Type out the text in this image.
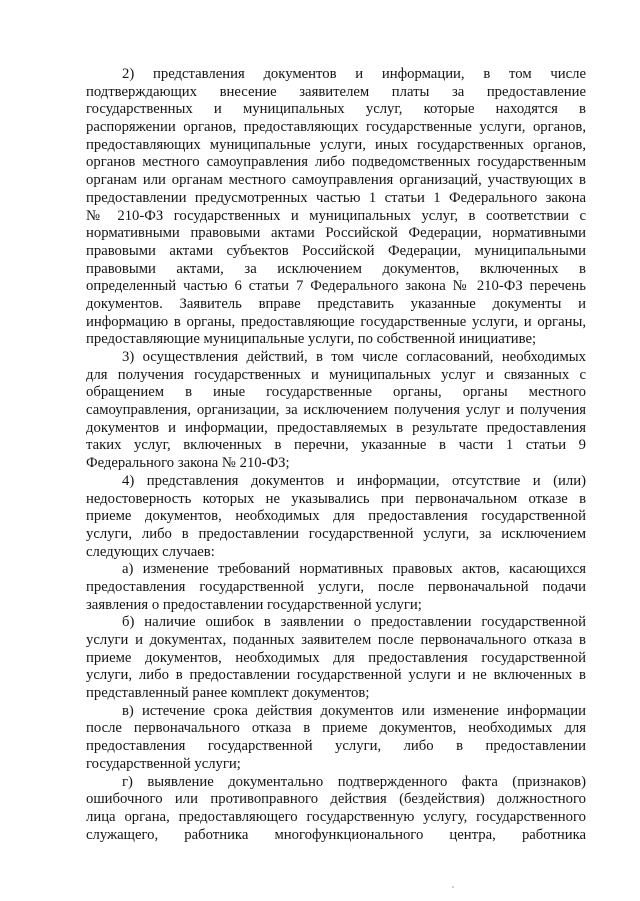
2) представления документов и информации, в том числе
подтверждающих внесение заявителем платы за предоставление
государственных и муниципальных услуг, которые находятся в
распоряжении органов, предоставляющих государственные услуги, органов,
предоставляющих муниципальные услуги, иных государственных органов,
органов местного самоуправления либо подведомственных государственным
органам или органам местного самоуправления организаций, участвующих в
предоставлении предусмотренных частью 1 статьи 1 Федерального закона
№ 210-ФЗ государственных и муниципальных услуг, в соответствии с
нормативными правовыми актами Российской Федерации, нормативными
правовыми актами субъектов Российской Федерации, муниципальными
правовыми актами, за исключением документов, включенных в
определенный частью 6 статьи 7 Федерального закона № 210-ФЗ перечень
документов. Заявитель вправе представить указанные документы и
информацию в органы, предоставляющие государственные услуги, и органы,
предоставляющие муниципальные услуги, по собственной инициативе;

3) осуществления действий, в том числе согласований, необходимых
для получения государственных и муниципальных услуг и связанных с
обращением в иные государственные органы, органы местного
самоуправления, организации, за исключением получения услуг и получения
документов и информации, предоставляемых в результате предоставления
таких услуг, включенных в перечни, указанные в части 1 статьи 9
Федерального закона № 210-ФЗ;

4) представления документов и информации, отсутствие и (или)
недостоверность которых не указывались при первоначальном отказе в
приеме документов, необходимых для предоставления государственной
услуги, либо в предоставлении государственной услуги, за исключением
следующих случаев:

а) изменение требований нормативных правовых актов, касающихся
предоставления государственной услуги, после первоначальной подачи
заявления о предоставлении государственной услуги;

б) наличие ошибок в заявлении о предоставлении государственной
услуги и документах, поданных заявителем после первоначального отказа в
приеме документов, необходимых для предоставления государственной
услуги, либо в предоставлении государственной услуги и не включенных в
представленный ранее комплект документов;

в) истечение срока действия документов или изменение информации
после первоначального отказа в приеме документов, необходимых для
предоставления государственной услуги, либо в предоставлении
государственной услуги;

г) выявление документально подтвержденного факта (признаков)
ошибочного или противоправного действия (бездействия) должностного
лица органа, предоставляющего государственную услугу, государственного
служащего, работника многофункционального центра, работника
